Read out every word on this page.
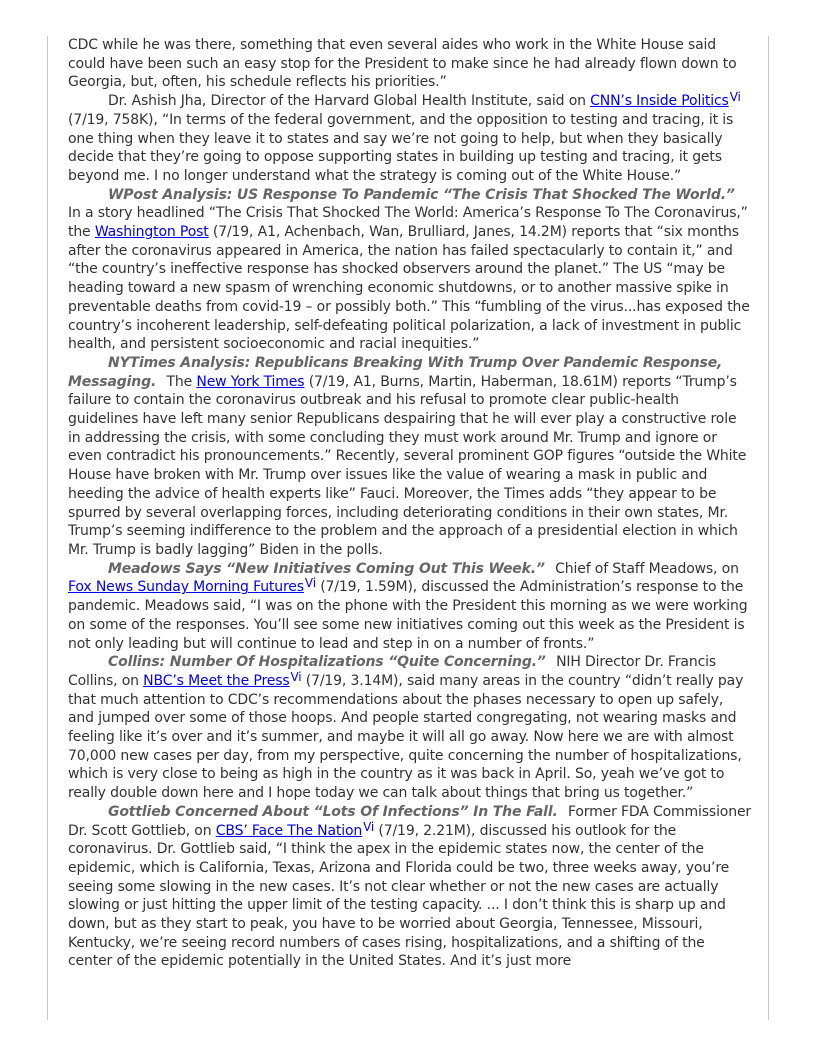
CDC while he was there, something that even several aides who work in the White House said could have been such an easy stop for the President to make since he had already flown down to Georgia, but, often, his schedule reflects his priorities.”

Dr. Ashish Jha, Director of the Harvard Global Health Institute, said on CNN’s Inside PoliticsVi (7/19, 758K), “In terms of the federal government, and the opposition to testing and tracing, it is one thing when they leave it to states and say we’re not going to help, but when they basically decide that they’re going to oppose supporting states in building up testing and tracing, it gets beyond me. I no longer understand what the strategy is coming out of the White House.”

WPost Analysis: US Response To Pandemic “The Crisis That Shocked The World.” In a story headlined “The Crisis That Shocked The World: America’s Response To The Coronavirus,” the Washington Post (7/19, A1, Achenbach, Wan, Brulliard, Janes, 14.2M) reports that “six months after the coronavirus appeared in America, the nation has failed spectacularly to contain it,” and “the country’s ineffective response has shocked observers around the planet.” The US “may be heading toward a new spasm of wrenching economic shutdowns, or to another massive spike in preventable deaths from covid-19 – or possibly both.” This “fumbling of the virus...has exposed the country’s incoherent leadership, self-defeating political polarization, a lack of investment in public health, and persistent socioeconomic and racial inequities.”

NYTimes Analysis: Republicans Breaking With Trump Over Pandemic Response, Messaging. The New York Times (7/19, A1, Burns, Martin, Haberman, 18.61M) reports “Trump’s failure to contain the coronavirus outbreak and his refusal to promote clear public-health guidelines have left many senior Republicans despairing that he will ever play a constructive role in addressing the crisis, with some concluding they must work around Mr. Trump and ignore or even contradict his pronouncements.” Recently, several prominent GOP figures “outside the White House have broken with Mr. Trump over issues like the value of wearing a mask in public and heeding the advice of health experts like” Fauci. Moreover, the Times adds “they appear to be spurred by several overlapping forces, including deteriorating conditions in their own states, Mr. Trump’s seeming indifference to the problem and the approach of a presidential election in which Mr. Trump is badly lagging” Biden in the polls.

Meadows Says “New Initiatives Coming Out This Week.” Chief of Staff Meadows, on Fox News Sunday Morning FuturesVi (7/19, 1.59M), discussed the Administration’s response to the pandemic. Meadows said, “I was on the phone with the President this morning as we were working on some of the responses. You’ll see some new initiatives coming out this week as the President is not only leading but will continue to lead and step in on a number of fronts.”

Collins: Number Of Hospitalizations “Quite Concerning.” NIH Director Dr. Francis Collins, on NBC’s Meet the PressVi (7/19, 3.14M), said many areas in the country “didn’t really pay that much attention to CDC’s recommendations about the phases necessary to open up safely, and jumped over some of those hoops. And people started congregating, not wearing masks and feeling like it’s over and it’s summer, and maybe it will all go away. Now here we are with almost 70,000 new cases per day, from my perspective, quite concerning the number of hospitalizations, which is very close to being as high in the country as it was back in April. So, yeah we’ve got to really double down here and I hope today we can talk about things that bring us together.”

Gottlieb Concerned About “Lots Of Infections” In The Fall. Former FDA Commissioner Dr. Scott Gottlieb, on CBS’ Face The NationVi (7/19, 2.21M), discussed his outlook for the coronavirus. Dr. Gottlieb said, “I think the apex in the epidemic states now, the center of the epidemic, which is California, Texas, Arizona and Florida could be two, three weeks away, you’re seeing some slowing in the new cases. It’s not clear whether or not the new cases are actually slowing or just hitting the upper limit of the testing capacity. ... I don’t think this is sharp up and down, but as they start to peak, you have to be worried about Georgia, Tennessee, Missouri, Kentucky, we’re seeing record numbers of cases rising, hospitalizations, and a shifting of the center of the epidemic potentially in the United States. And it’s just more
